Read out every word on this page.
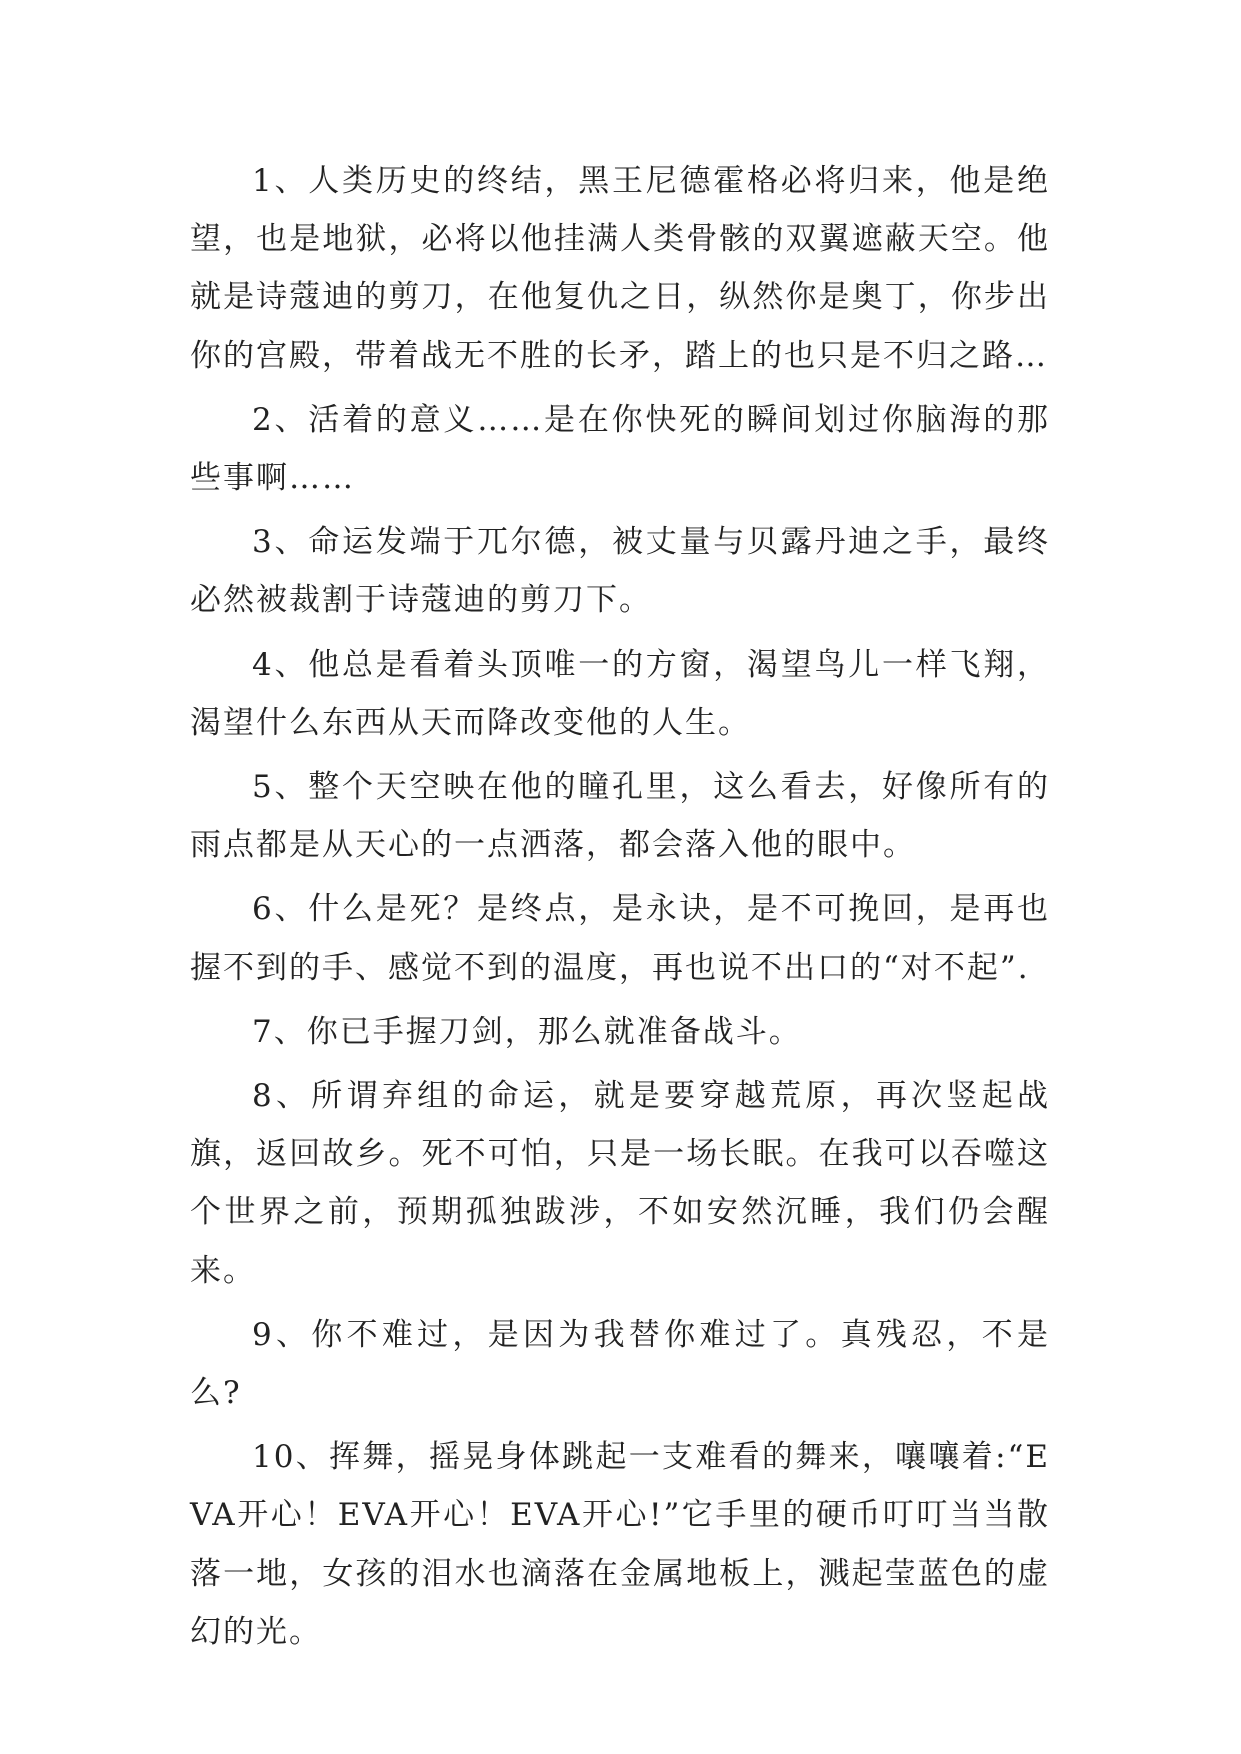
1、人类历史的终结，黑王尼德霍格必将归来，他是绝望，也是地狱，必将以他挂满人类骨骸的双翼遮蔽天空。他就是诗蔻迪的剪刀，在他复仇之日，纵然你是奥丁，你步出你的宫殿，带着战无不胜的长矛，踏上的也只是不归之路…

2、活着的意义……是在你快死的瞬间划过你脑海的那些事啊……

3、命运发端于兀尔德，被丈量与贝露丹迪之手，最终必然被裁割于诗蔻迪的剪刀下。

4、他总是看着头顶唯一的方窗，渴望鸟儿一样飞翔，渴望什么东西从天而降改变他的人生。

5、整个天空映在他的瞳孔里，这么看去，好像所有的雨点都是从天心的一点洒落，都会落入他的眼中。

6、什么是死？是终点，是永诀，是不可挽回，是再也握不到的手、感觉不到的温度，再也说不出口的“对不起”.

7、你已手握刀剑，那么就准备战斗。

8、所谓弃组的命运，就是要穿越荒原，再次竖起战旗，返回故乡。死不可怕，只是一场长眠。在我可以吞噬这个世界之前，预期孤独跋涉，不如安然沉睡，我们仍会醒来。

9、你不难过，是因为我替你难过了。真残忍，不是么?

10、挥舞，摇晃身体跳起一支难看的舞来，嚷嚷着:“EVA开心！EVA开心！EVA开心!”它手里的硬币叮叮当当散落一地，女孩的泪水也滴落在金属地板上，溅起莹蓝色的虚幻的光。
